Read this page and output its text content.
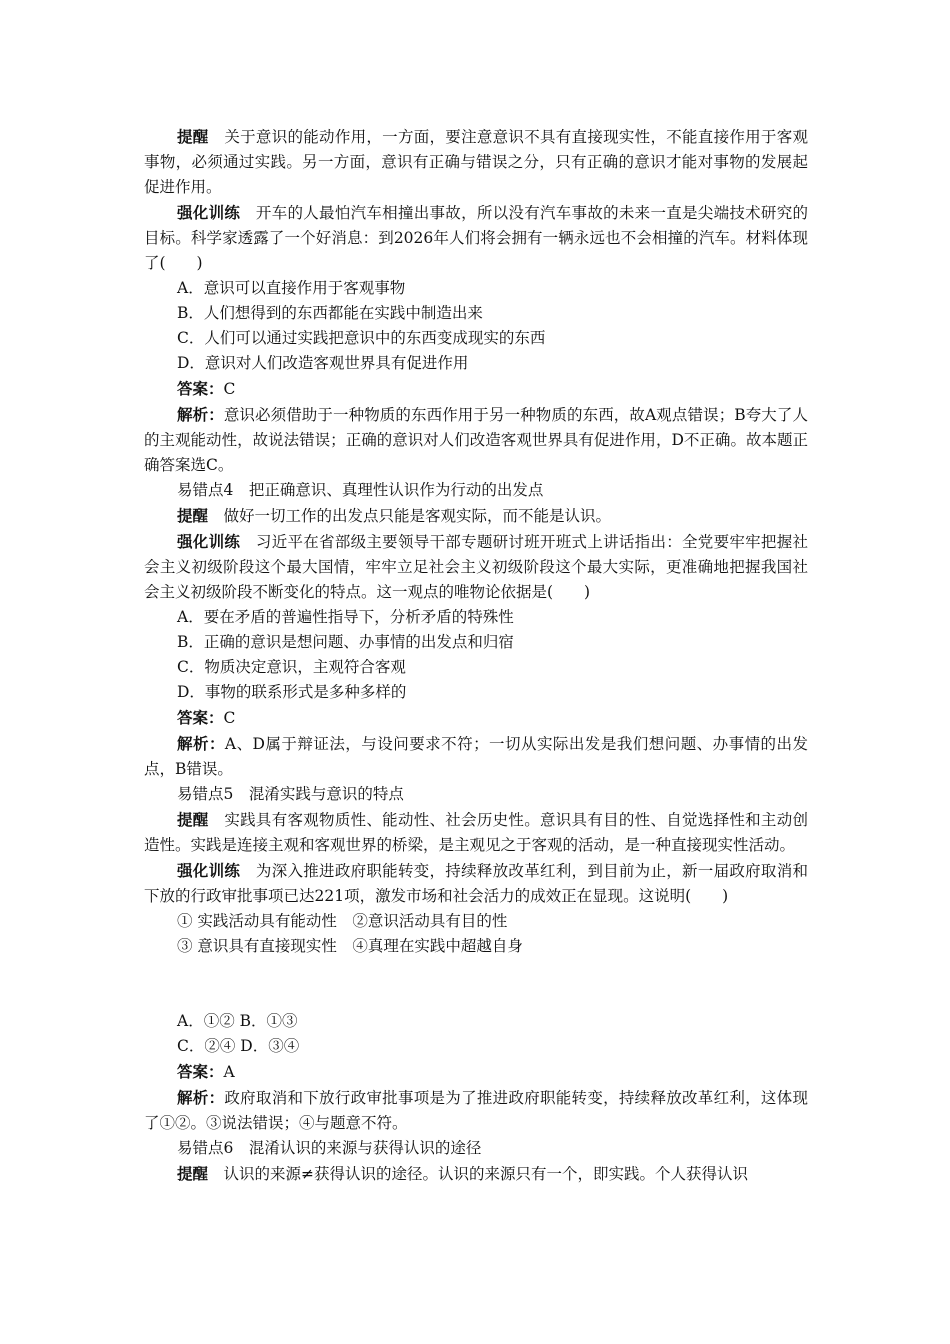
提醒　关于意识的能动作用，一方面，要注意意识不具有直接现实性，不能直接作用于客观事物，必须通过实践。另一方面，意识有正确与错误之分，只有正确的意识才能对事物的发展起促进作用。

强化训练　开车的人最怕汽车相撞出事故，所以没有汽车事故的未来一直是尖端技术研究的目标。科学家透露了一个好消息：到2026年人们将会拥有一辆永远也不会相撞的汽车。材料体现了(　　)

A．意识可以直接作用于客观事物

B．人们想得到的东西都能在实践中制造出来

C．人们可以通过实践把意识中的东西变成现实的东西

D．意识对人们改造客观世界具有促进作用

答案：C

解析：意识必须借助于一种物质的东西作用于另一种物质的东西，故A观点错误；B夸大了人的主观能动性，故说法错误；正确的意识对人们改造客观世界具有促进作用，D不正确。故本题正确答案选C。

易错点4　把正确意识、真理性认识作为行动的出发点

提醒　做好一切工作的出发点只能是客观实际，而不能是认识。

强化训练　习近平在省部级主要领导干部专题研讨班开班式上讲话指出：全党要牢牢把握社会主义初级阶段这个最大国情，牢牢立足社会主义初级阶段这个最大实际，更准确地把握我国社会主义初级阶段不断变化的特点。这一观点的唯物论依据是(　　)

A．要在矛盾的普遍性指导下，分析矛盾的特殊性

B．正确的意识是想问题、办事情的出发点和归宿

C．物质决定意识，主观符合客观

D．事物的联系形式是多种多样的

答案：C

解析：A、D属于辩证法，与设问要求不符；一切从实际出发是我们想问题、办事情的出发点，B错误。

易错点5　混淆实践与意识的特点

提醒　实践具有客观物质性、能动性、社会历史性。意识具有目的性、自觉选择性和主动创造性。实践是连接主观和客观世界的桥梁，是主观见之于客观的活动，是一种直接现实性活动。

强化训练　为深入推进政府职能转变，持续释放改革红利，到目前为止，新一届政府取消和下放的行政审批事项已达221项，激发市场和社会活力的成效正在显现。这说明(　　)

① 实践活动具有能动性　②意识活动具有目的性

③ 意识具有直接现实性　④真理在实践中超越自身

A．①② B．①③

C．②④ D．③④

答案：A

解析：政府取消和下放行政审批事项是为了推进政府职能转变，持续释放改革红利，这体现了①②。③说法错误；④与题意不符。

易错点6　混淆认识的来源与获得认识的途径

提醒　认识的来源≠获得认识的途径。认识的来源只有一个，即实践。个人获得认识
